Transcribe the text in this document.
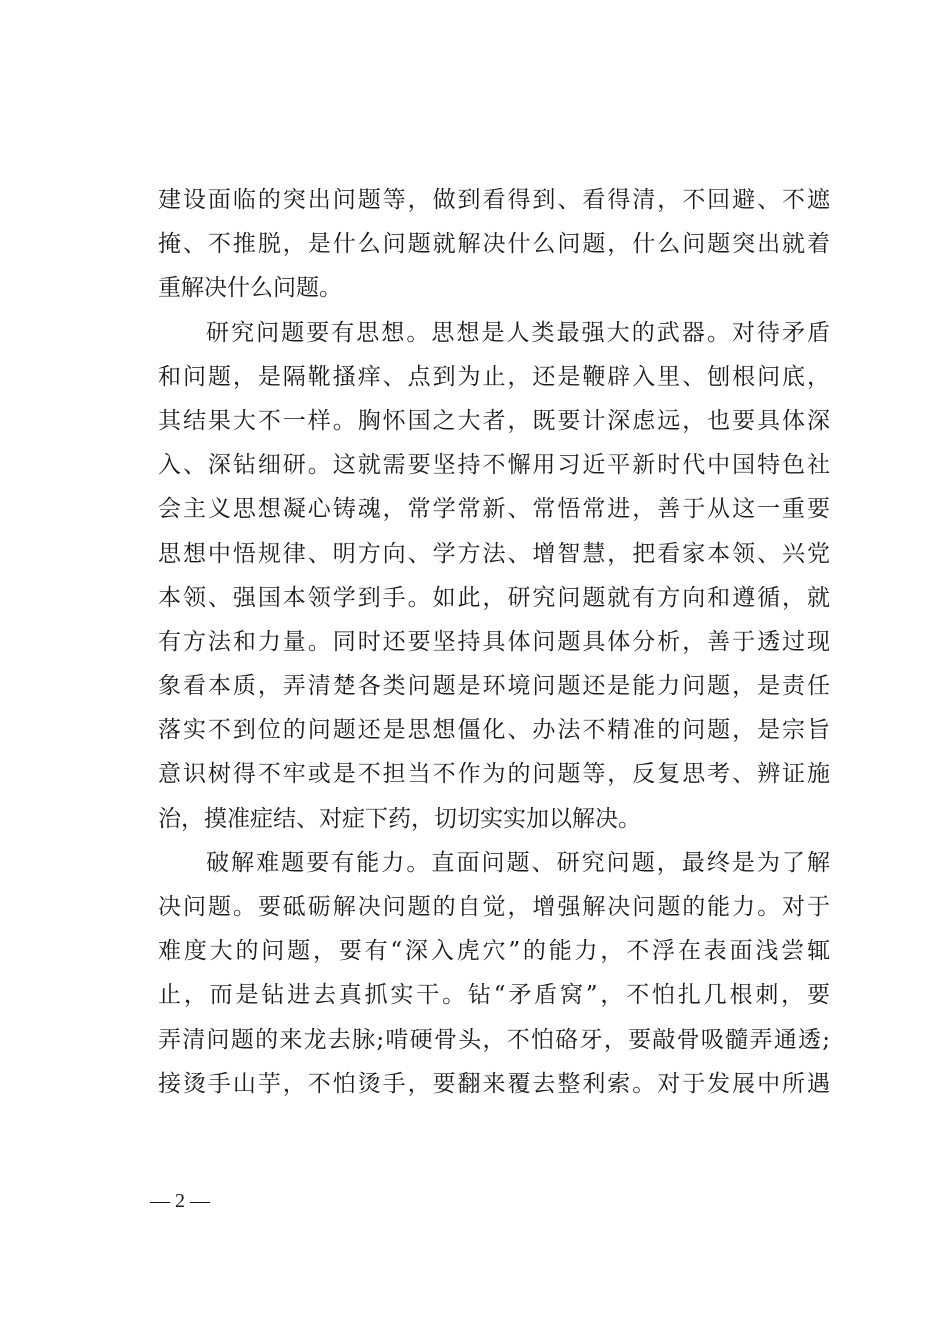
建设面临的突出问题等，做到看得到、看得清，不回避、不遮
掩、不推脱，是什么问题就解决什么问题，什么问题突出就着
重解决什么问题。
　研究问题要有思想。思想是人类最强大的武器。对待矛盾
和问题，是隔靴搔痒、点到为止，还是鞭辟入里、刨根问底，
其结果大不一样。胸怀国之大者，既要计深虑远，也要具体深
入、深钻细研。这就需要坚持不懈用习近平新时代中国特色社
会主义思想凝心铸魂，常学常新、常悟常进，善于从这一重要
思想中悟规律、明方向、学方法、增智慧，把看家本领、兴党
本领、强国本领学到手。如此，研究问题就有方向和遵循，就
有方法和力量。同时还要坚持具体问题具体分析，善于透过现
象看本质，弄清楚各类问题是环境问题还是能力问题，是责任
落实不到位的问题还是思想僵化、办法不精准的问题，是宗旨
意识树得不牢或是不担当不作为的问题等，反复思考、辨证施
治，摸准症结、对症下药，切切实实加以解决。
　破解难题要有能力。直面问题、研究问题，最终是为了解
决问题。要砥砺解决问题的自觉，增强解决问题的能力。对于
难度大的问题，要有“深入虎穴”的能力，不浮在表面浅尝辄
止，而是钻进去真抓实干。钻“矛盾窝”，不怕扎几根刺，要
弄清问题的来龙去脉;啃硬骨头，不怕硌牙，要敲骨吸髓弄通透;
接烫手山芋，不怕烫手，要翻来覆去整利索。对于发展中所遇
— 2 —
